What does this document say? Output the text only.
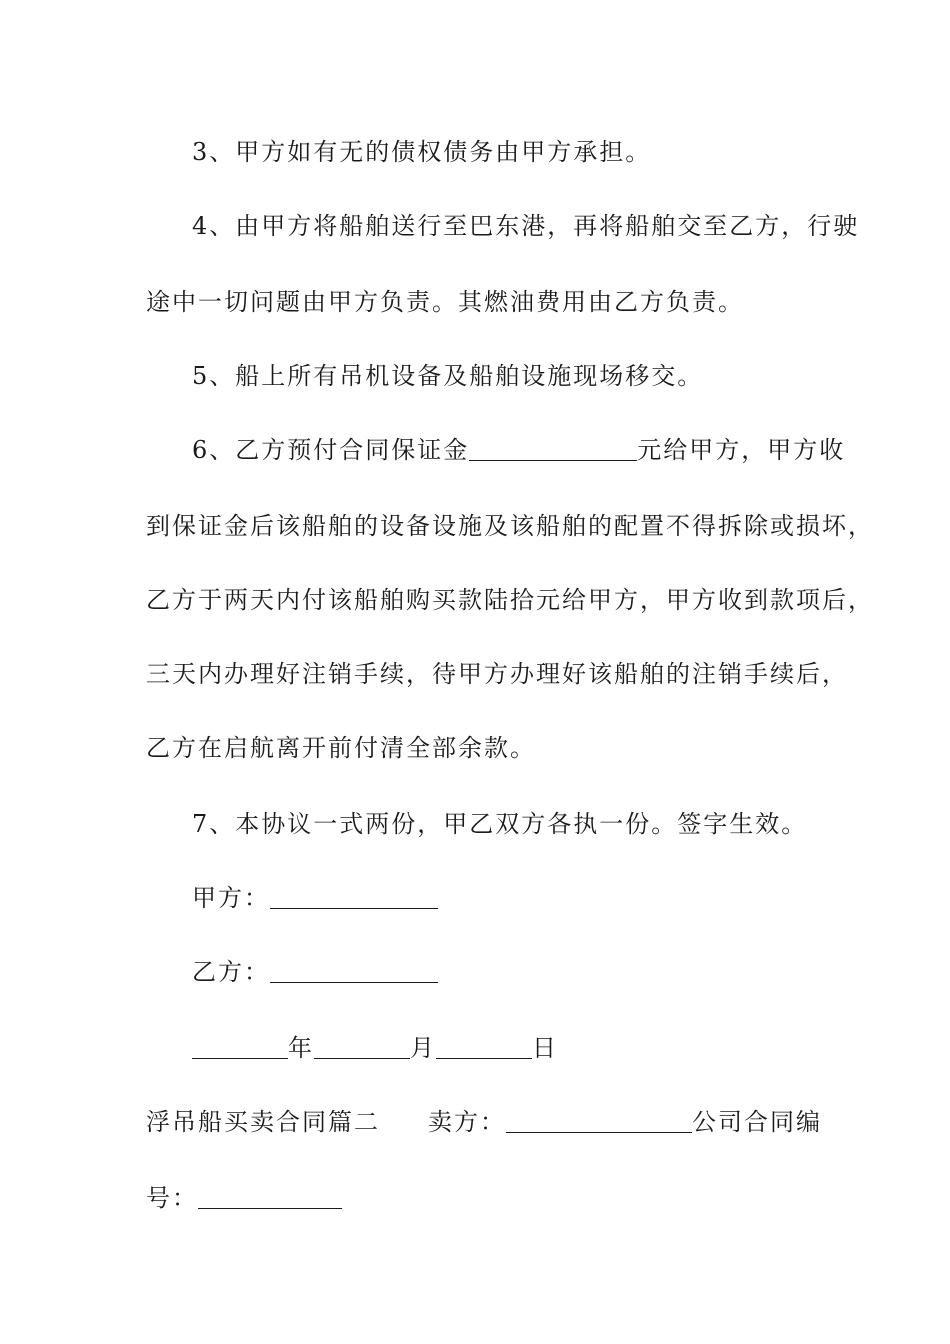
3、甲方如有无的债权债务由甲方承担。
4、由甲方将船舶送行至巴东港，再将船舶交至乙方，行驶
途中一切问题由甲方负责。其燃油费用由乙方负责。
5、船上所有吊机设备及船舶设施现场移交。
6、乙方预付合同保证金	元给甲方，甲方收
到保证金后该船舶的设备设施及该船舶的配置不得拆除或损坏，
乙方于两天内付该船舶购买款陆拾元给甲方，甲方收到款项后，
三天内办理好注销手续，待甲方办理好该船舶的注销手续后，
乙方在启航离开前付清全部余款。
7、本协议一式两份，甲乙双方各执一份。签字生效。
甲方：
乙方：
年	月	日
浮吊船买卖合同篇二 卖方：	公司合同编
号：
